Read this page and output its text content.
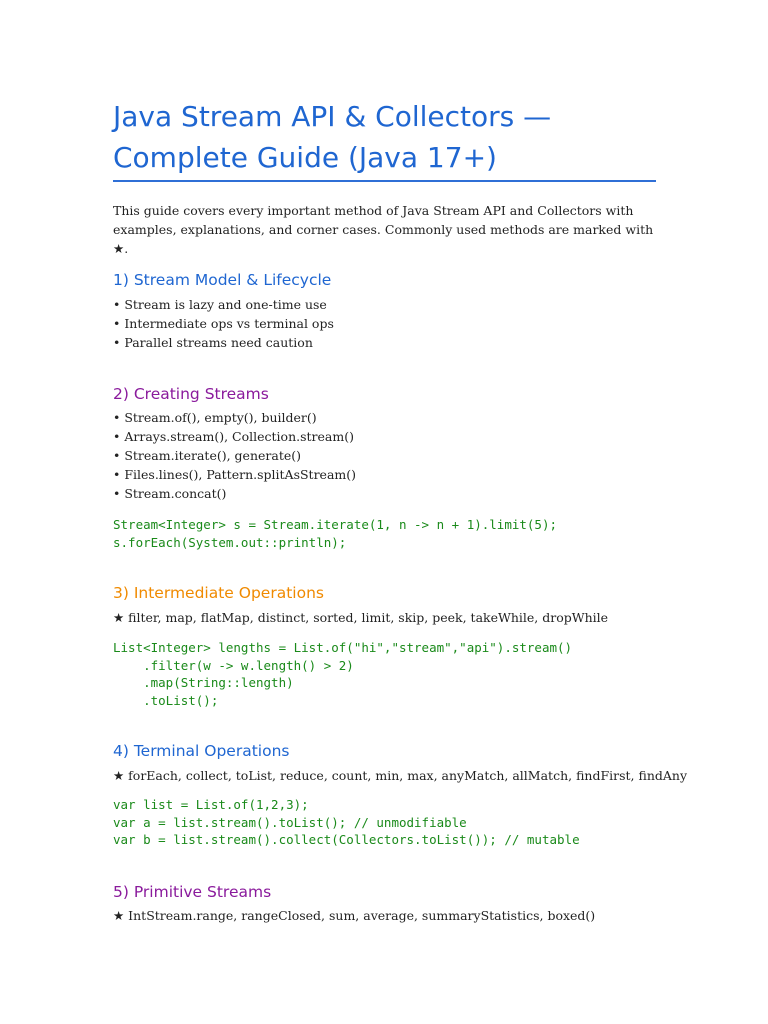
Java Stream API & Collectors — Complete Guide (Java 17+)
This guide covers every important method of Java Stream API and Collectors with examples, explanations, and corner cases. Commonly used methods are marked with ★.
1) Stream Model & Lifecycle
• Stream is lazy and one-time use
• Intermediate ops vs terminal ops
• Parallel streams need caution
2) Creating Streams
• Stream.of(), empty(), builder()
• Arrays.stream(), Collection.stream()
• Stream.iterate(), generate()
• Files.lines(), Pattern.splitAsStream()
• Stream.concat()
Stream<Integer> s = Stream.iterate(1, n -> n + 1).limit(5);
s.forEach(System.out::println);
3) Intermediate Operations
★ filter, map, flatMap, distinct, sorted, limit, skip, peek, takeWhile, dropWhile
List<Integer> lengths = List.of("hi","stream","api").stream()
.filter(w -> w.length() > 2)
.map(String::length)
.toList();
4) Terminal Operations
★ forEach, collect, toList, reduce, count, min, max, anyMatch, allMatch, findFirst, findAny
var list = List.of(1,2,3);
var a = list.stream().toList(); // unmodifiable
var b = list.stream().collect(Collectors.toList()); // mutable
5) Primitive Streams
★ IntStream.range, rangeClosed, sum, average, summaryStatistics, boxed()
